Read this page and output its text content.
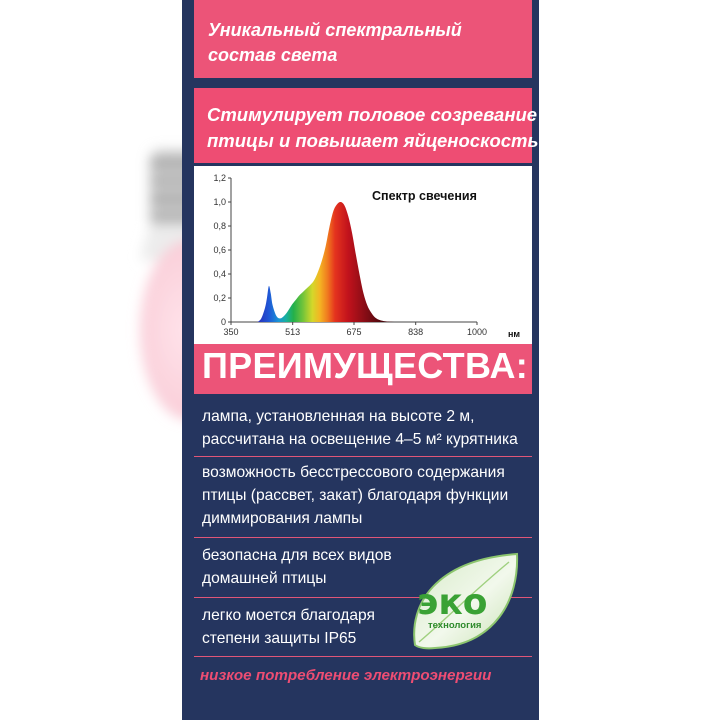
Уникальный спектральный
состав света
Стимулирует половое созревание
птицы и повышает яйценоскость
0
0,2
0,4
0,6
0,8
1,0
1,2
350	513	675	838	1000
Спектр свечения
нм
ПРЕИМУЩЕСТВА:
лампа, установленная на высоте 2 м,
рассчитана на освещение 4–5 м² курятника
возможность бесстрессового содержания
птицы (рассвет, закат) благодаря функции
диммирования лампы
безопасна для всех видов
домашней птицы
легко моется благодаря
степени защиты IP65
низкое потребление электроэнергии
эко
технология
